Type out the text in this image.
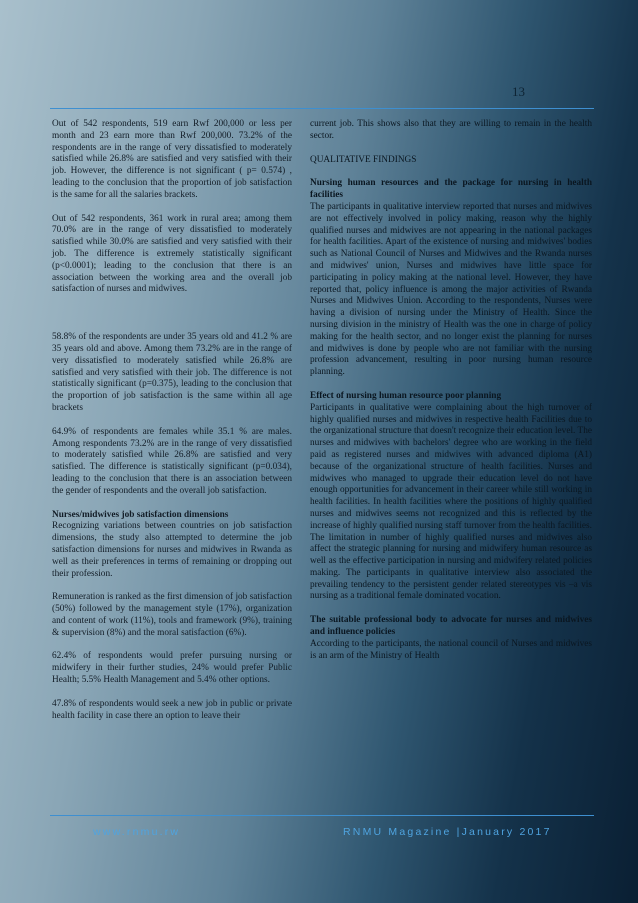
13

Out of 542 respondents, 519 earn Rwf 200,000 or less per month and 23 earn more than Rwf 200,000. 73.2% of the respondents are in the range of very dissatisfied to moderately satisfied while 26.8% are satisfied and very satisfied with their job. However, the difference is not significant ( p= 0.574) , leading to the conclusion that the proportion of job satisfaction is the same for all the salaries brackets.

Out of 542 respondents, 361 work in rural area; among them 70.0% are in the range of very dissatisfied to moderately satisfied while 30.0% are satisfied and very satisfied with their job. The difference is extremely statistically significant (p<0.0001); leading to the conclusion that there is an association between the working area and the overall job satisfaction of nurses and midwives.

58.8% of the respondents are under 35 years old and 41.2 % are 35 years old and above. Among them 73.2% are in the range of very dissatisfied to moderately satisfied while 26.8% are satisfied and very satisfied with their job. The difference is not statistically significant (p=0.375), leading to the conclusion that the proportion of job satisfaction is the same within all age brackets

64.9% of respondents are females while 35.1 % are males. Among respondents 73.2% are in the range of very dissatisfied to moderately satisfied while 26.8% are satisfied and very satisfied. The difference is statistically significant (p=0.034), leading to the conclusion that there is an association between the gender of respondents and the overall job satisfaction.

Nurses/midwives job satisfaction dimensions

Recognizing variations between countries on job satisfaction dimensions, the study also attempted to determine the job satisfaction dimensions for nurses and midwives in Rwanda as well as their preferences in terms of remaining or dropping out their profession.

Remuneration is ranked as the first dimension of job satisfaction (50%) followed by the management style (17%), organization and content of work (11%), tools and framework (9%), training & supervision (8%) and the moral satisfaction (6%).

62.4% of respondents would prefer pursuing nursing or midwifery in their further studies, 24% would prefer Public Health; 5.5% Health Management and 5.4% other options.

47.8% of respondents would seek a new job in public or private health facility in case there an option to leave their

current job. This shows also that they are willing to remain in the health sector.

QUALITATIVE FINDINGS

Nursing human resources and the package for nursing in health facilities

The participants in qualitative interview reported that nurses and midwives are not effectively involved in policy making, reason why the highly qualified nurses and midwives are not appearing in the national packages for health facilities. Apart of the existence of nursing and midwives' bodies such as National Council of Nurses and Midwives and the Rwanda nurses and midwives' union, Nurses and midwives have little space for participating in policy making at the national level. However, they have reported that, policy influence is among the major activities of Rwanda Nurses and Midwives Union. According to the respondents, Nurses were having a division of nursing under the Ministry of Health. Since the nursing division in the ministry of Health was the one in charge of policy making for the health sector, and no longer exist the planning for nurses and midwives is done by people who are not familiar with the nursing profession advancement, resulting in poor nursing human resource planning.

Effect of nursing human resource poor planning

Participants in qualitative were complaining about the high turnover of highly qualified nurses and midwives in respective health Facilities due to the organizational structure that doesn't recognize their education level. The nurses and midwives with bachelors' degree who are working in the field paid as registered nurses and midwives with advanced diploma (A1) because of the organizational structure of health facilities. Nurses and midwives who managed to upgrade their education level do not have enough opportunities for advancement in their career while still working in health facilities. In health facilities where the positions of highly qualified nurses and midwives seems not recognized and this is reflected by the increase of highly qualified nursing staff turnover from the health facilities. The limitation in number of highly qualified nurses and midwives also affect the strategic planning for nursing and midwifery human resource as well as the effective participation in nursing and midwifery related policies making. The participants in qualitative interview also associated the prevailing tendency to the persistent gender related stereotypes vis –a vis nursing as a traditional female dominated vocation.

The suitable professional body to advocate for nurses and midwives and influence policies

According to the participants, the national council of Nurses and midwives is an arm of the Ministry of Health

www.rnmu.rw	RNMU Magazine |January 2017
